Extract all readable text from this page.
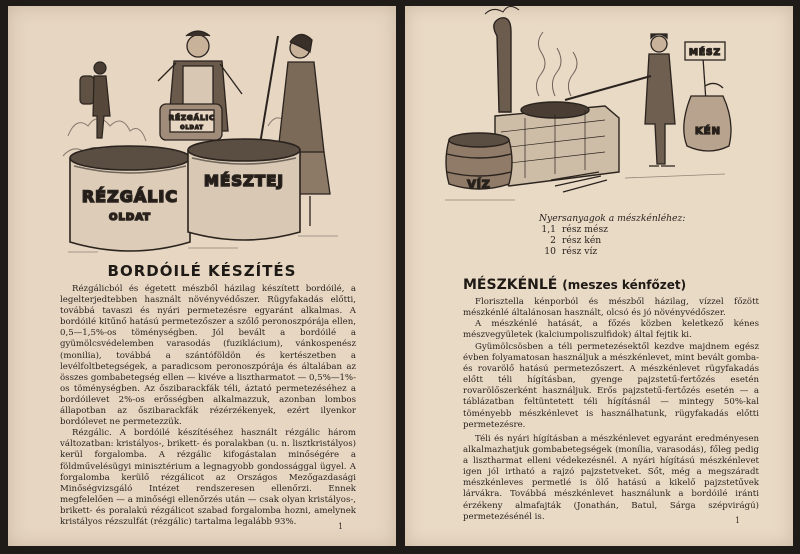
RÉZGÁLIC
OLDAT
RÉZGÁLIC
OLDAT
MÉSZTEJ
BORDÓILÉ KÉSZÍTÉS

Rézgálicból és égetett mészből házilag készített bordóilé, a legelterjedtebben használt növényvédőszer. Rügyfakadás előtti, továbbá tavaszi és nyári permetezésre egyaránt alkalmas. A bordóilé kitűnő hatású permetezőszer a szőlő peronoszpórája ellen, 0,5—1,5%-os töménységben. Jól bevált a bordóilé a gyümölcsvédelemben varasodás (fuziklácium), vánkospenész (monilia), továbbá a szántóföldön és kertészetben a levélfoltbetegségek, a paradicsom peronoszpórája és általában az összes gombabetegség ellen — kivéve a lisztharmatot — 0,5%—1%-os töménységben. Az őszibarackfák téli, áztató permetezéséhez a bordóilevet 2%-os erősségben alkalmazzuk, azonban lombos állapotban az őszibarackfák rézérzékenyek, ezért ilyenkor bordólevet ne permetezzük.

Rézgálic. A bordóilé készítéséhez használt rézgálic három változatban: kristályos-, brikett- és poralakban (u. n. lisztkristályos) kerül forgalomba. A rézgálic kifogástalan minőségére a földművelésügyi minisztérium a legnagyobb gondossággal ügyel. A forgalomba kerülő rézgálicot az Országos Mezőgazdasági Minőségvizsgáló Intézet rendszeresen ellenőrzi. Ennek megfelelően — a minőségi ellenőrzés után — csak olyan kristályos-, brikett- és poralakú rézgálicot szabad forgalomba hozni, amelynek kristályos rézszulfát (rézgálic) tartalma legalább 93%.	1
VÍZ
MÉSZ
KÉN
Nyersanyagok a mészkénléhez:
1,1	rész mész
2	rész kén
10	rész víz
MÉSZKÉNLÉ (meszes kénfőzet)

Florisztella kénporból és mészből házilag, vízzel főzött mészkénlé általánosan használt, olcsó és jó növényvédőszer.

A mészkénlé hatását, a főzés közben keletkező kénes mészvegyületek (kalciumpoliszulfidok) által fejtik ki.

Gyümölcsösben a téli permetezésektől kezdve majdnem egész évben folyamatosan használjuk a mészkénlevet, mint bevált gomba- és rovarölő hatású permetezőszert. A mészkénlevet rügyfakadás előtt téli hígításban, gyenge pajzstetű-fertőzés esetén rovarölőszerként használjuk. Erős pajzstetű-fertőzés esetén — a táblázatban feltüntetett téli hígításnál — mintegy 50%-kal töményebb mészkénlevet is használhatunk, rügyfakadás előtti permetezésre.

Téli és nyári hígításban a mészkénlevet egyaránt eredményesen alkalmazhatjuk gombabetegségek (monília, varasodás), főleg pedig a lisztharmat elleni védekezésnél. A nyári hígítású mészkénlevet igen jól irtható a rajzó pajzstetveket. Sőt, még a megszáradt mészkénleves permetlé is ölő hatású a kikelő pajzstetűvek lárvákra. Továbbá mészkénlevet használunk a bordóilé iránti érzékeny almafajták (Jonathán, Batul, Sárga szépvirágú) permetezésénél is.	1
